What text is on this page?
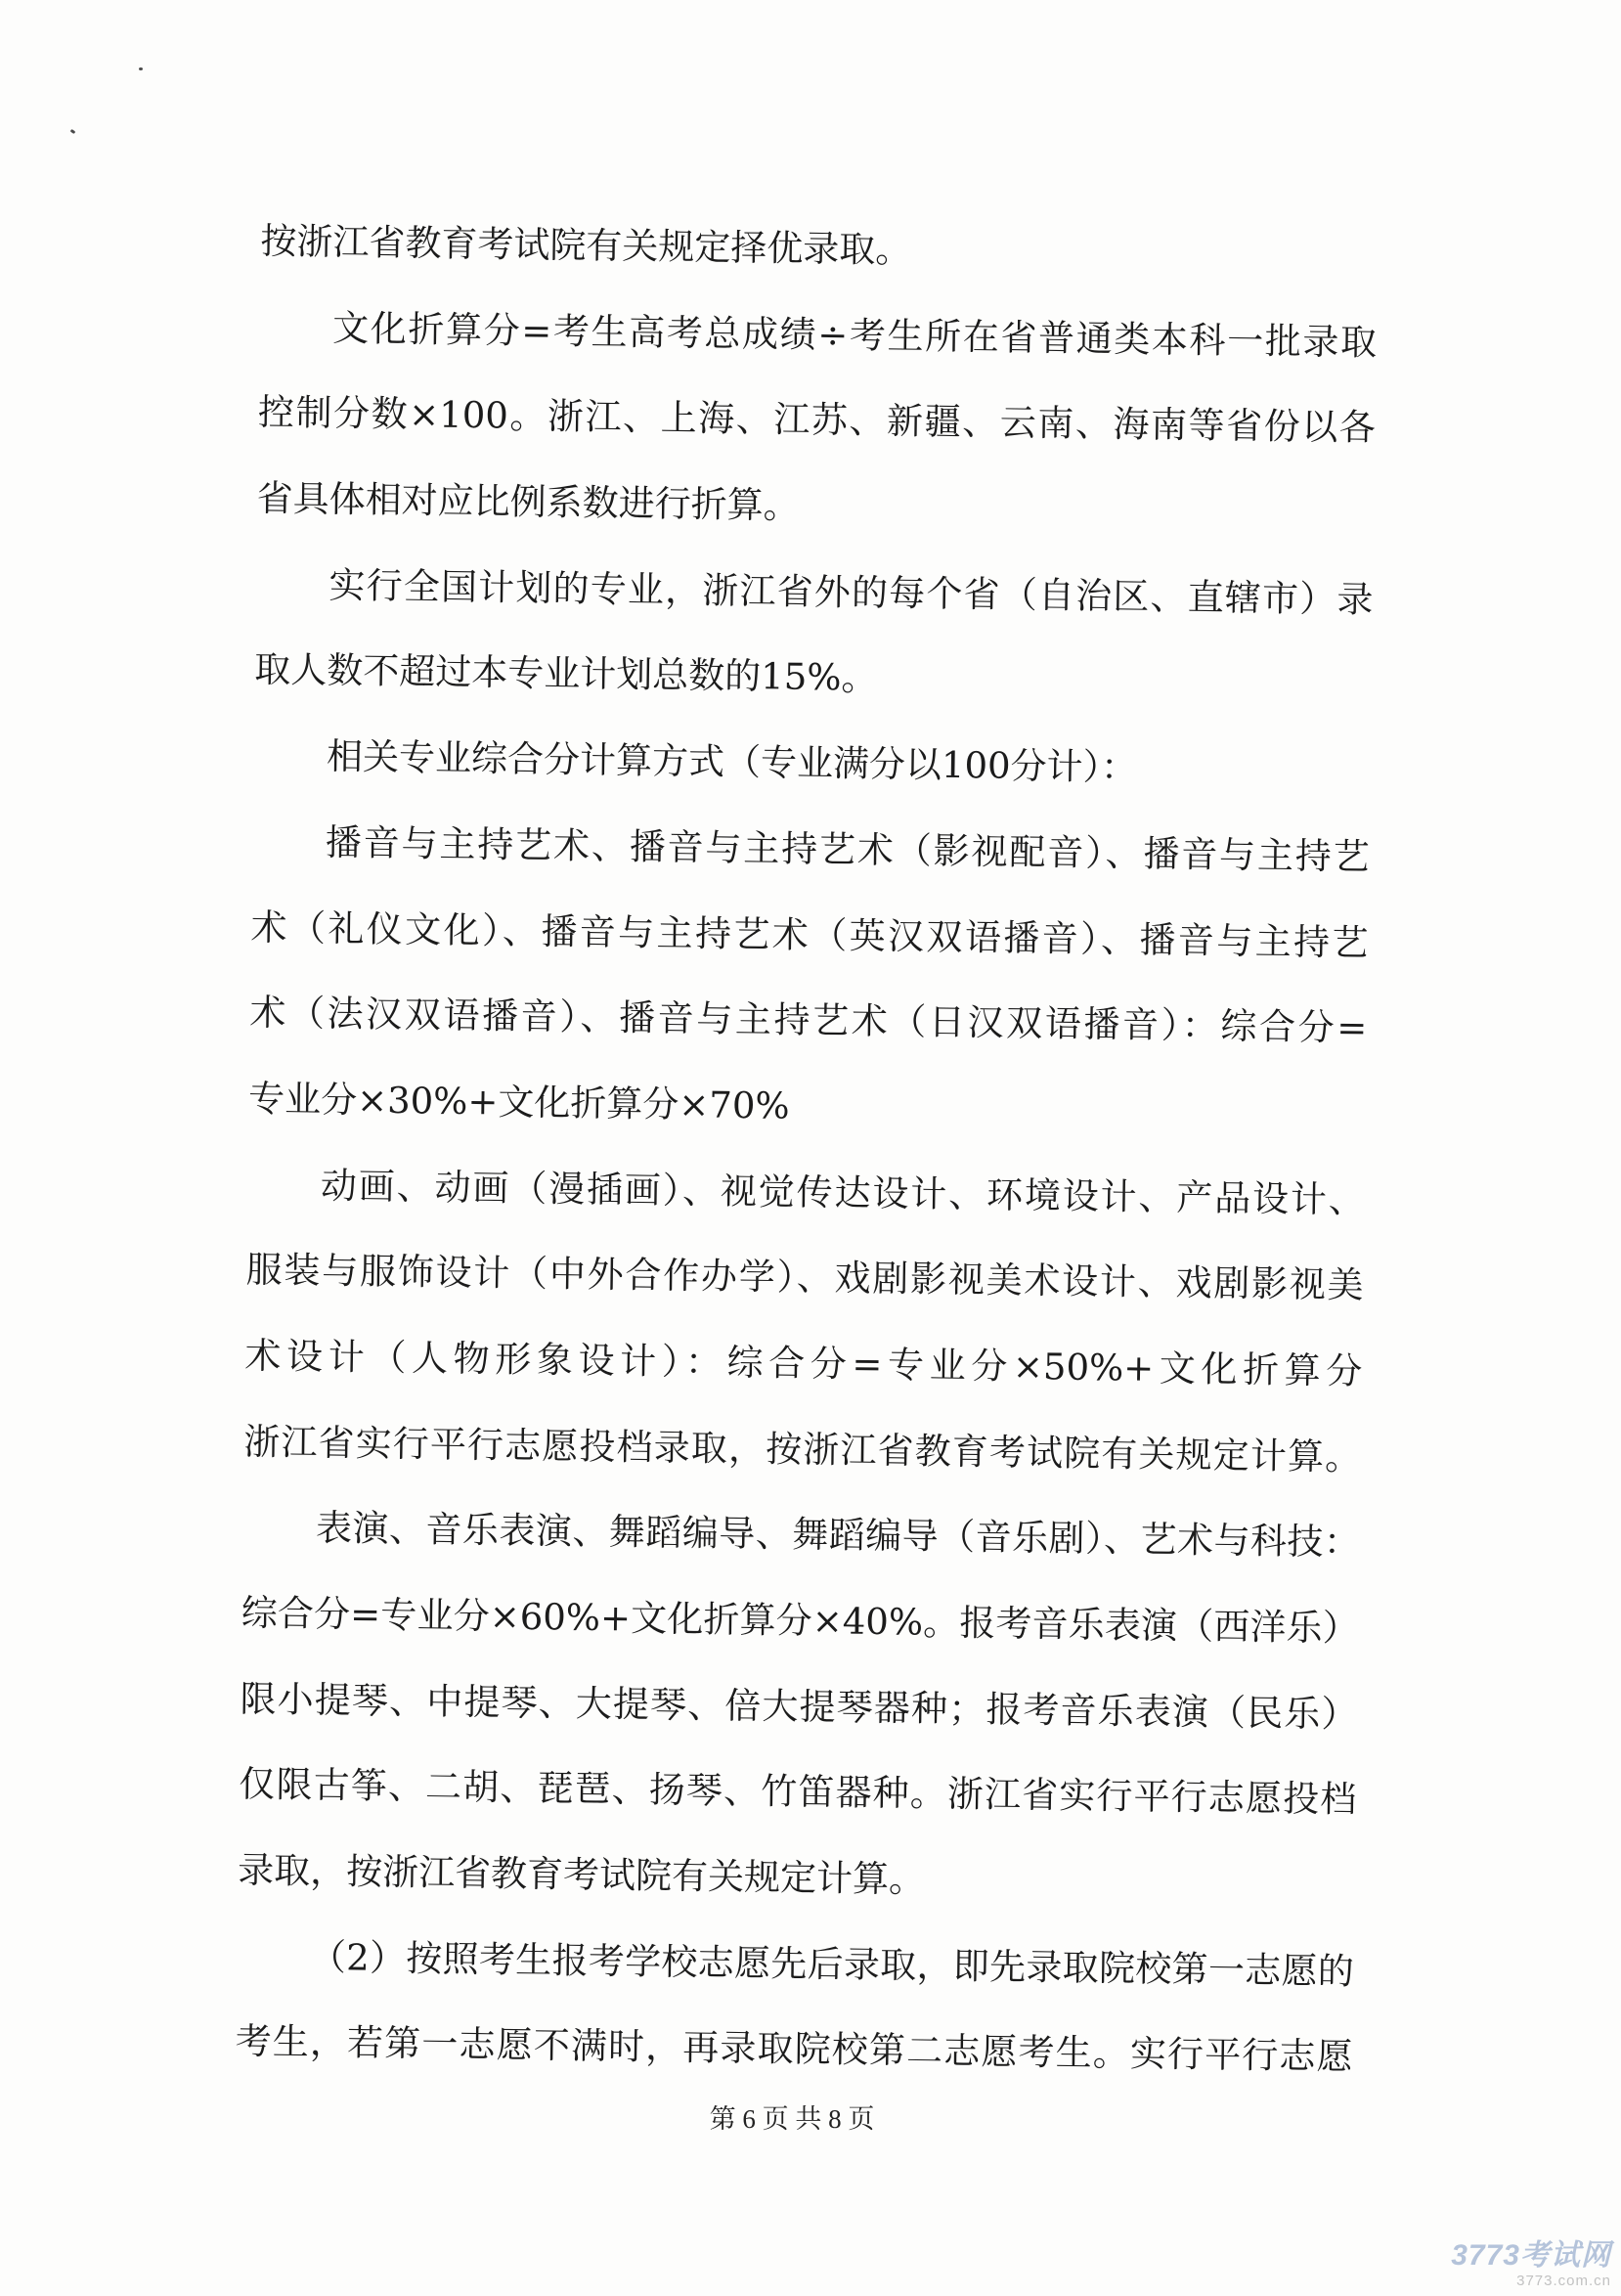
按浙江省教育考试院有关规定择优录取。
文化折算分=考生高考总成绩÷考生所在省普通类本科一批录取
控制分数×100。浙江、上海、江苏、新疆、云南、海南等省份以各
省具体相对应比例系数进行折算。
实行全国计划的专业，浙江省外的每个省（自治区、直辖市）录
取人数不超过本专业计划总数的15%。
相关专业综合分计算方式（专业满分以100分计）：
播音与主持艺术、播音与主持艺术（影视配音）、播音与主持艺
术（礼仪文化）、播音与主持艺术（英汉双语播音）、播音与主持艺
术（法汉双语播音）、播音与主持艺术（日汉双语播音）：综合分=
专业分×30%+文化折算分×70%
动画、动画（漫插画）、视觉传达设计、环境设计、产品设计、
服装与服饰设计（中外合作办学）、戏剧影视美术设计、戏剧影视美
术设计（人物形象设计）：综合分=专业分×50%+文化折算分×50%。
浙江省实行平行志愿投档录取，按浙江省教育考试院有关规定计算。
表演、音乐表演、舞蹈编导、舞蹈编导（音乐剧）、艺术与科技：
综合分=专业分×60%+文化折算分×40%。报考音乐表演（西洋乐）仅
限小提琴、中提琴、大提琴、倍大提琴器种；报考音乐表演（民乐）
仅限古筝、二胡、琵琶、扬琴、竹笛器种。浙江省实行平行志愿投档
录取，按浙江省教育考试院有关规定计算。
（2）按照考生报考学校志愿先后录取，即先录取院校第一志愿的
考生，若第一志愿不满时，再录取院校第二志愿考生。实行平行志愿
第 6 页 共 8 页
3773考试网
3773.com.cn
